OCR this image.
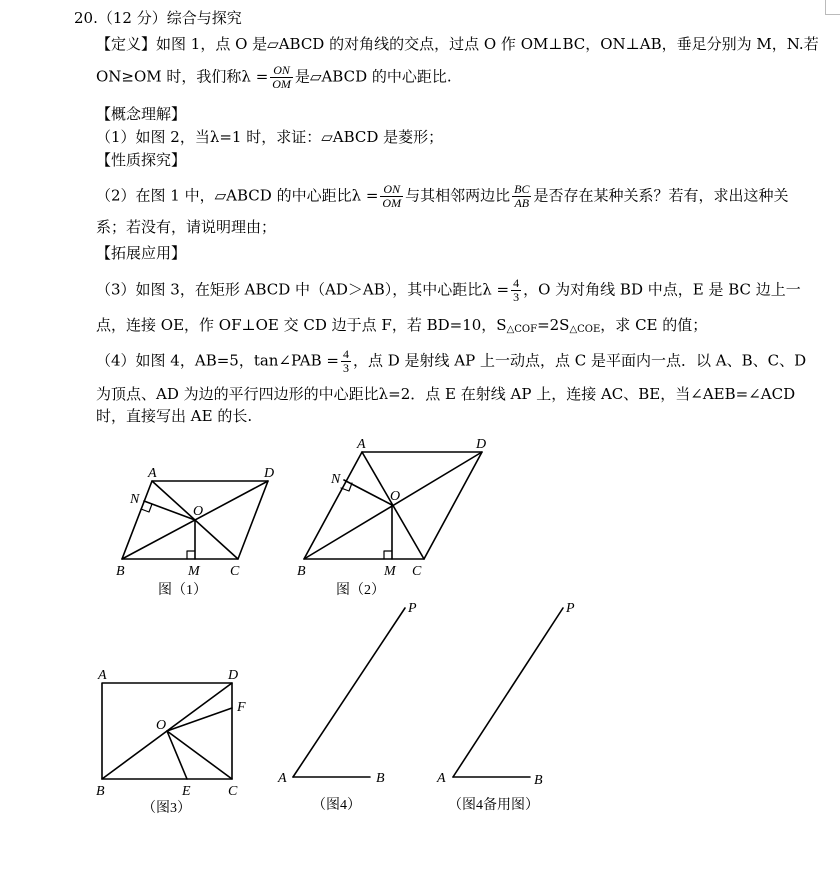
20.（12 分）综合与探究
【定义】如图 1，点 O 是▱ABCD 的对角线的交点，过点 O 作 OM⊥BC，ON⊥AB，垂足分别为 M，N.若
ON≥OM 时，我们称$\lambda = \frac{ON}{OM}$ 是▱ABCD 的中心距比.
【概念理解】
（1）如图 2，当λ=1 时，求证：▱ABCD 是菱形；
【性质探究】
（2）在图 1 中，▱ABCD 的中心距比$\lambda = \frac{ON}{OM}$ 与其相邻两边比 $\frac{BC}{AB}$ 是否存在某种关系？若有，求出这种关
系；若没有，请说明理由；
【拓展应用】
（3）如图 3，在矩形 ABCD 中（AD＞AB），其中心距比$\lambda = \frac{4}{3}$ ，O 为对角线 BD 中点，E 是 BC 边上一
点，连接 OE，作 OF⊥OE 交 CD 边于点 F，若 BD=10，$S_{\triangle COF}=2S_{\triangle COE}$，求 CE 的值；
（4）如图 4，AB=5，tan∠PAB = $\frac{4}{3}$ ，点 D 是射线 AP 上一动点，点 C 是平面内一点．以 A、B、C、D
为顶点、AD 为边的平行四边形的中心距比λ=2．点 E 在射线 AP 上，连接 AC、BE，当∠AEB=∠ACD
时，直接写出 AE 的长.
A	D
B	M C
O
N
A	D
B	M C
O
N
A	D
B	E	C
O
F
A	B
P
A	B
P
图（1）	图（2）
（图3）	（图4）	（图4备用图）
